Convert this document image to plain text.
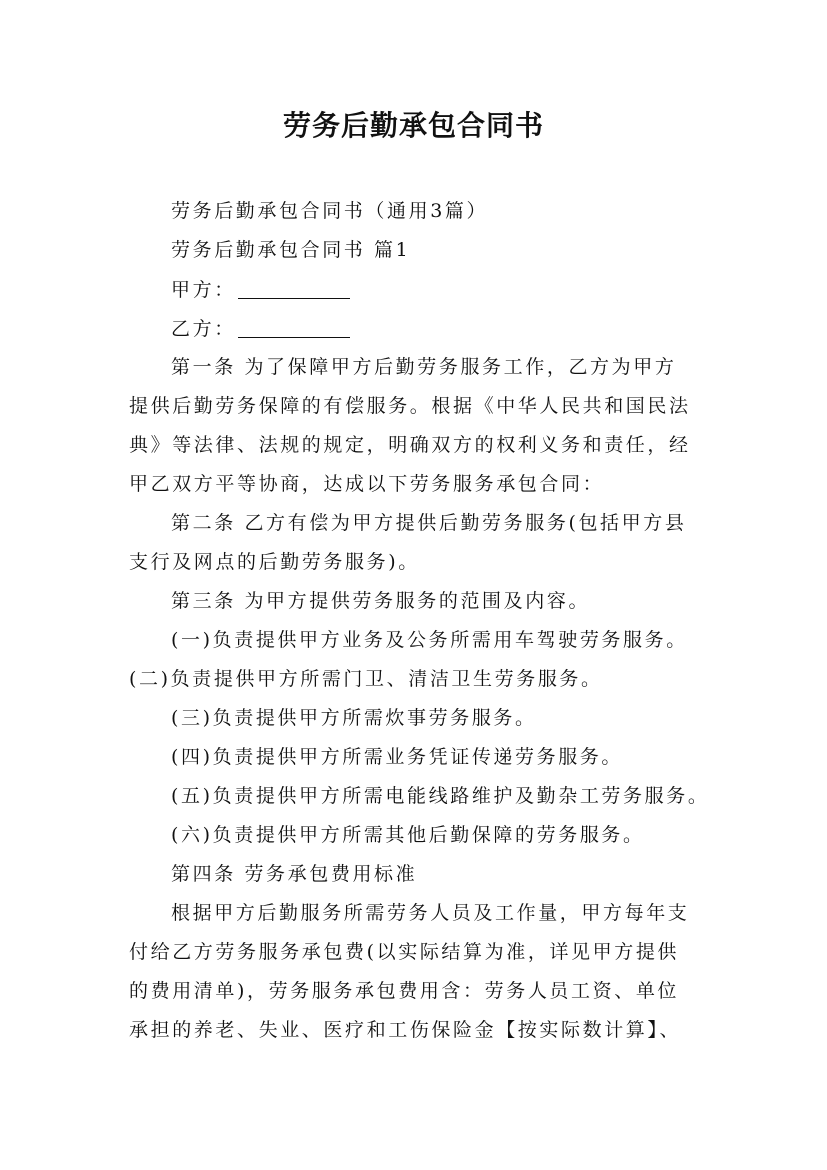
劳务后勤承包合同书
劳务后勤承包合同书（通用3篇）
劳务后勤承包合同书 篇1
甲方：
乙方：
第一条 为了保障甲方后勤劳务服务工作，乙方为甲方
提供后勤劳务保障的有偿服务。根据《中华人民共和国民法
典》等法律、法规的规定，明确双方的权利义务和责任，经
甲乙双方平等协商，达成以下劳务服务承包合同：
第二条 乙方有偿为甲方提供后勤劳务服务(包括甲方县
支行及网点的后勤劳务服务)。
第三条 为甲方提供劳务服务的范围及内容。
(一)负责提供甲方业务及公务所需用车驾驶劳务服务。
(二)负责提供甲方所需门卫、清洁卫生劳务服务。
(三)负责提供甲方所需炊事劳务服务。
(四)负责提供甲方所需业务凭证传递劳务服务。
(五)负责提供甲方所需电能线路维护及勤杂工劳务服务。
(六)负责提供甲方所需其他后勤保障的劳务服务。
第四条 劳务承包费用标准
根据甲方后勤服务所需劳务人员及工作量，甲方每年支
付给乙方劳务服务承包费(以实际结算为准，详见甲方提供
的费用清单)，劳务服务承包费用含：劳务人员工资、单位
承担的养老、失业、医疗和工伤保险金【按实际数计算】、
